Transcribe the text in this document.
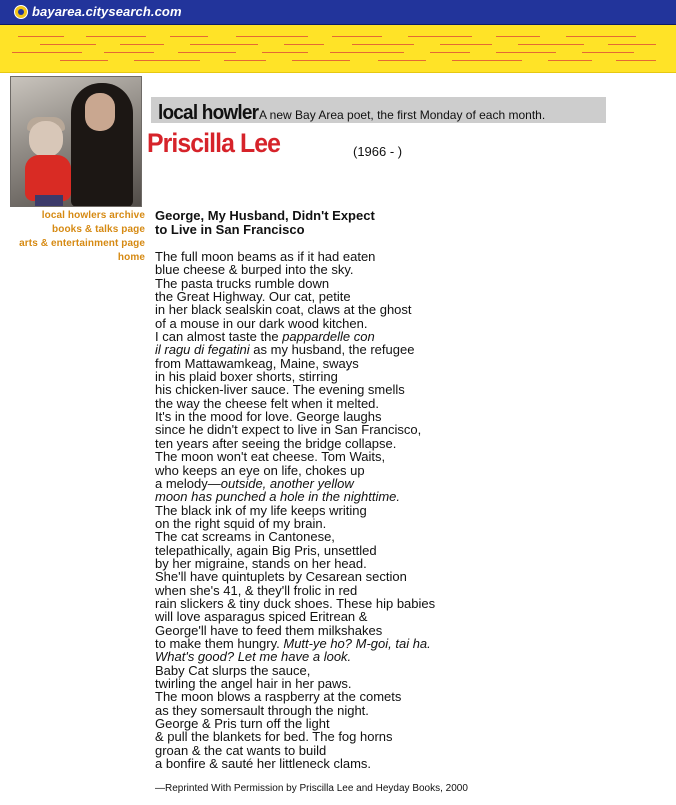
bayarea.citysearch.com
local howler A new Bay Area poet, the first Monday of each month.
Priscilla Lee	(1966 - )
local howlers archive
books & talks page
arts & entertainment page
home
George, My Husband, Didn't Expect
to Live in San Francisco
The full moon beams as if it had eaten
blue cheese & burped into the sky.
The pasta trucks rumble down
the Great Highway. Our cat, petite
in her black sealskin coat, claws at the ghost
of a mouse in our dark wood kitchen.
I can almost taste the pappardelle con
il ragu di fegatini as my husband, the refugee
from Mattawamkeag, Maine, sways
in his plaid boxer shorts, stirring
his chicken-liver sauce. The evening smells
the way the cheese felt when it melted.
It's in the mood for love. George laughs
since he didn't expect to live in San Francisco,
ten years after seeing the bridge collapse.
The moon won't eat cheese. Tom Waits,
who keeps an eye on life, chokes up
a melody—outside, another yellow
moon has punched a hole in the nighttime.
The black ink of my life keeps writing
on the right squid of my brain.
The cat screams in Cantonese,
telepathically, again Big Pris, unsettled
by her migraine, stands on her head.
She'll have quintuplets by Cesarean section
when she's 41, & they'll frolic in red
rain slickers & tiny duck shoes. These hip babies
will love asparagus spiced Eritrean &
George'll have to feed them milkshakes
to make them hungry. Mutt-ye ho? M-goi, tai ha.
What's good? Let me have a look.
Baby Cat slurps the sauce,
twirling the angel hair in her paws.
The moon blows a raspberry at the comets
as they somersault through the night.
George & Pris turn off the light
& pull the blankets for bed. The fog horns
groan & the cat wants to build
a bonfire & sauté her littleneck clams.
—Reprinted With Permission by Priscilla Lee and Heyday Books, 2000
